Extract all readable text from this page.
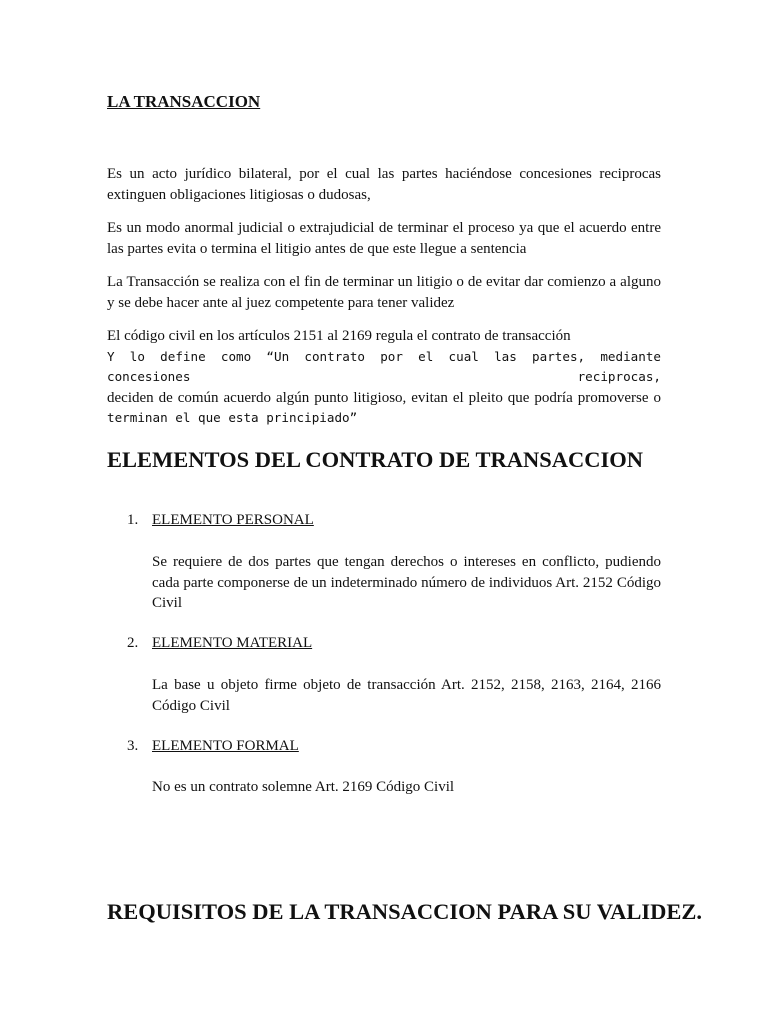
LA TRANSACCION

Es un acto jurídico bilateral, por el cual las partes haciéndose concesiones reciprocas extinguen obligaciones litigiosas o dudosas,

Es un modo anormal judicial o extrajudicial de terminar el proceso ya que el acuerdo entre las partes evita o termina el litigio antes de que este llegue a sentencia

La Transacción se realiza con el fin de terminar un litigio o de evitar dar comienzo a alguno y se debe hacer ante al juez competente para tener validez

El código civil en los artículos 2151 al 2169 regula el contrato de transacción
Y lo define como “Un contrato por el cual las partes, mediante concesiones reciprocas,
deciden de común acuerdo algún punto litigioso, evitan el pleito que podría promoverse o
terminan el que esta principiado”
ELEMENTOS DEL CONTRATO DE TRANSACCION

1. ELEMENTO PERSONAL

Se requiere de dos partes que tengan derechos o intereses en conflicto, pudiendo cada parte componerse de un indeterminado número de individuos Art. 2152 Código Civil

2. ELEMENTO MATERIAL

La base u objeto firme objeto de transacción Art. 2152, 2158, 2163, 2164, 2166 Código Civil

3. ELEMENTO FORMAL

No es un contrato solemne Art. 2169 Código Civil

REQUISITOS DE LA TRANSACCION PARA SU VALIDEZ.
